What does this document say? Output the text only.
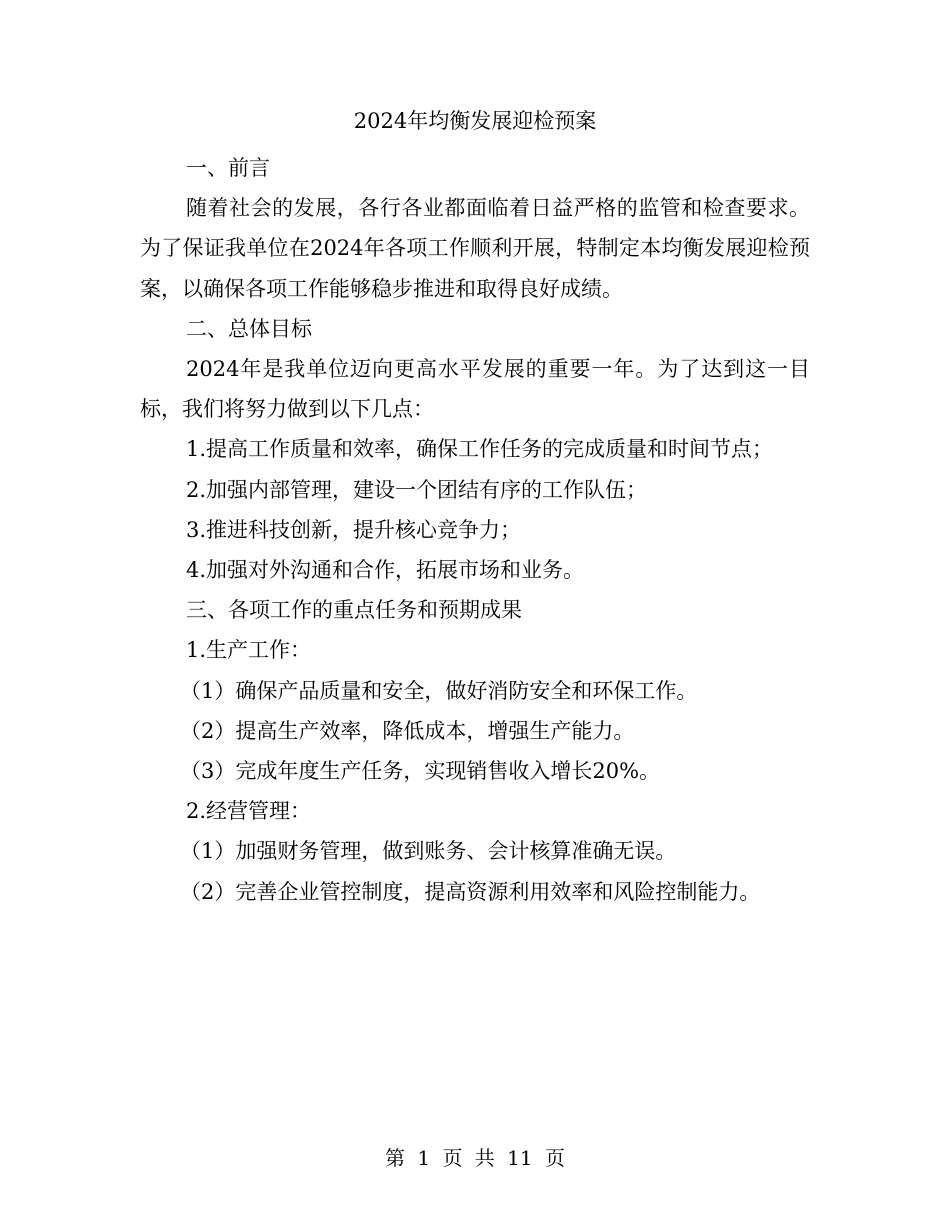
2024年均衡发展迎检预案

一、前言

随着社会的发展，各行各业都面临着日益严格的监管和检查要求。为了保证我单位在2024年各项工作顺利开展，特制定本均衡发展迎检预案，以确保各项工作能够稳步推进和取得良好成绩。

二、总体目标

2024年是我单位迈向更高水平发展的重要一年。为了达到这一目标，我们将努力做到以下几点：

1.提高工作质量和效率，确保工作任务的完成质量和时间节点；

2.加强内部管理，建设一个团结有序的工作队伍；

3.推进科技创新，提升核心竞争力；

4.加强对外沟通和合作，拓展市场和业务。

三、各项工作的重点任务和预期成果

1.生产工作：

（1）确保产品质量和安全，做好消防安全和环保工作。

（2）提高生产效率，降低成本，增强生产能力。

（3）完成年度生产任务，实现销售收入增长20%。

2.经营管理：

（1）加强财务管理，做到账务、会计核算准确无误。

（2）完善企业管控制度，提高资源利用效率和风险控制能力。

第 1 页 共 11 页
